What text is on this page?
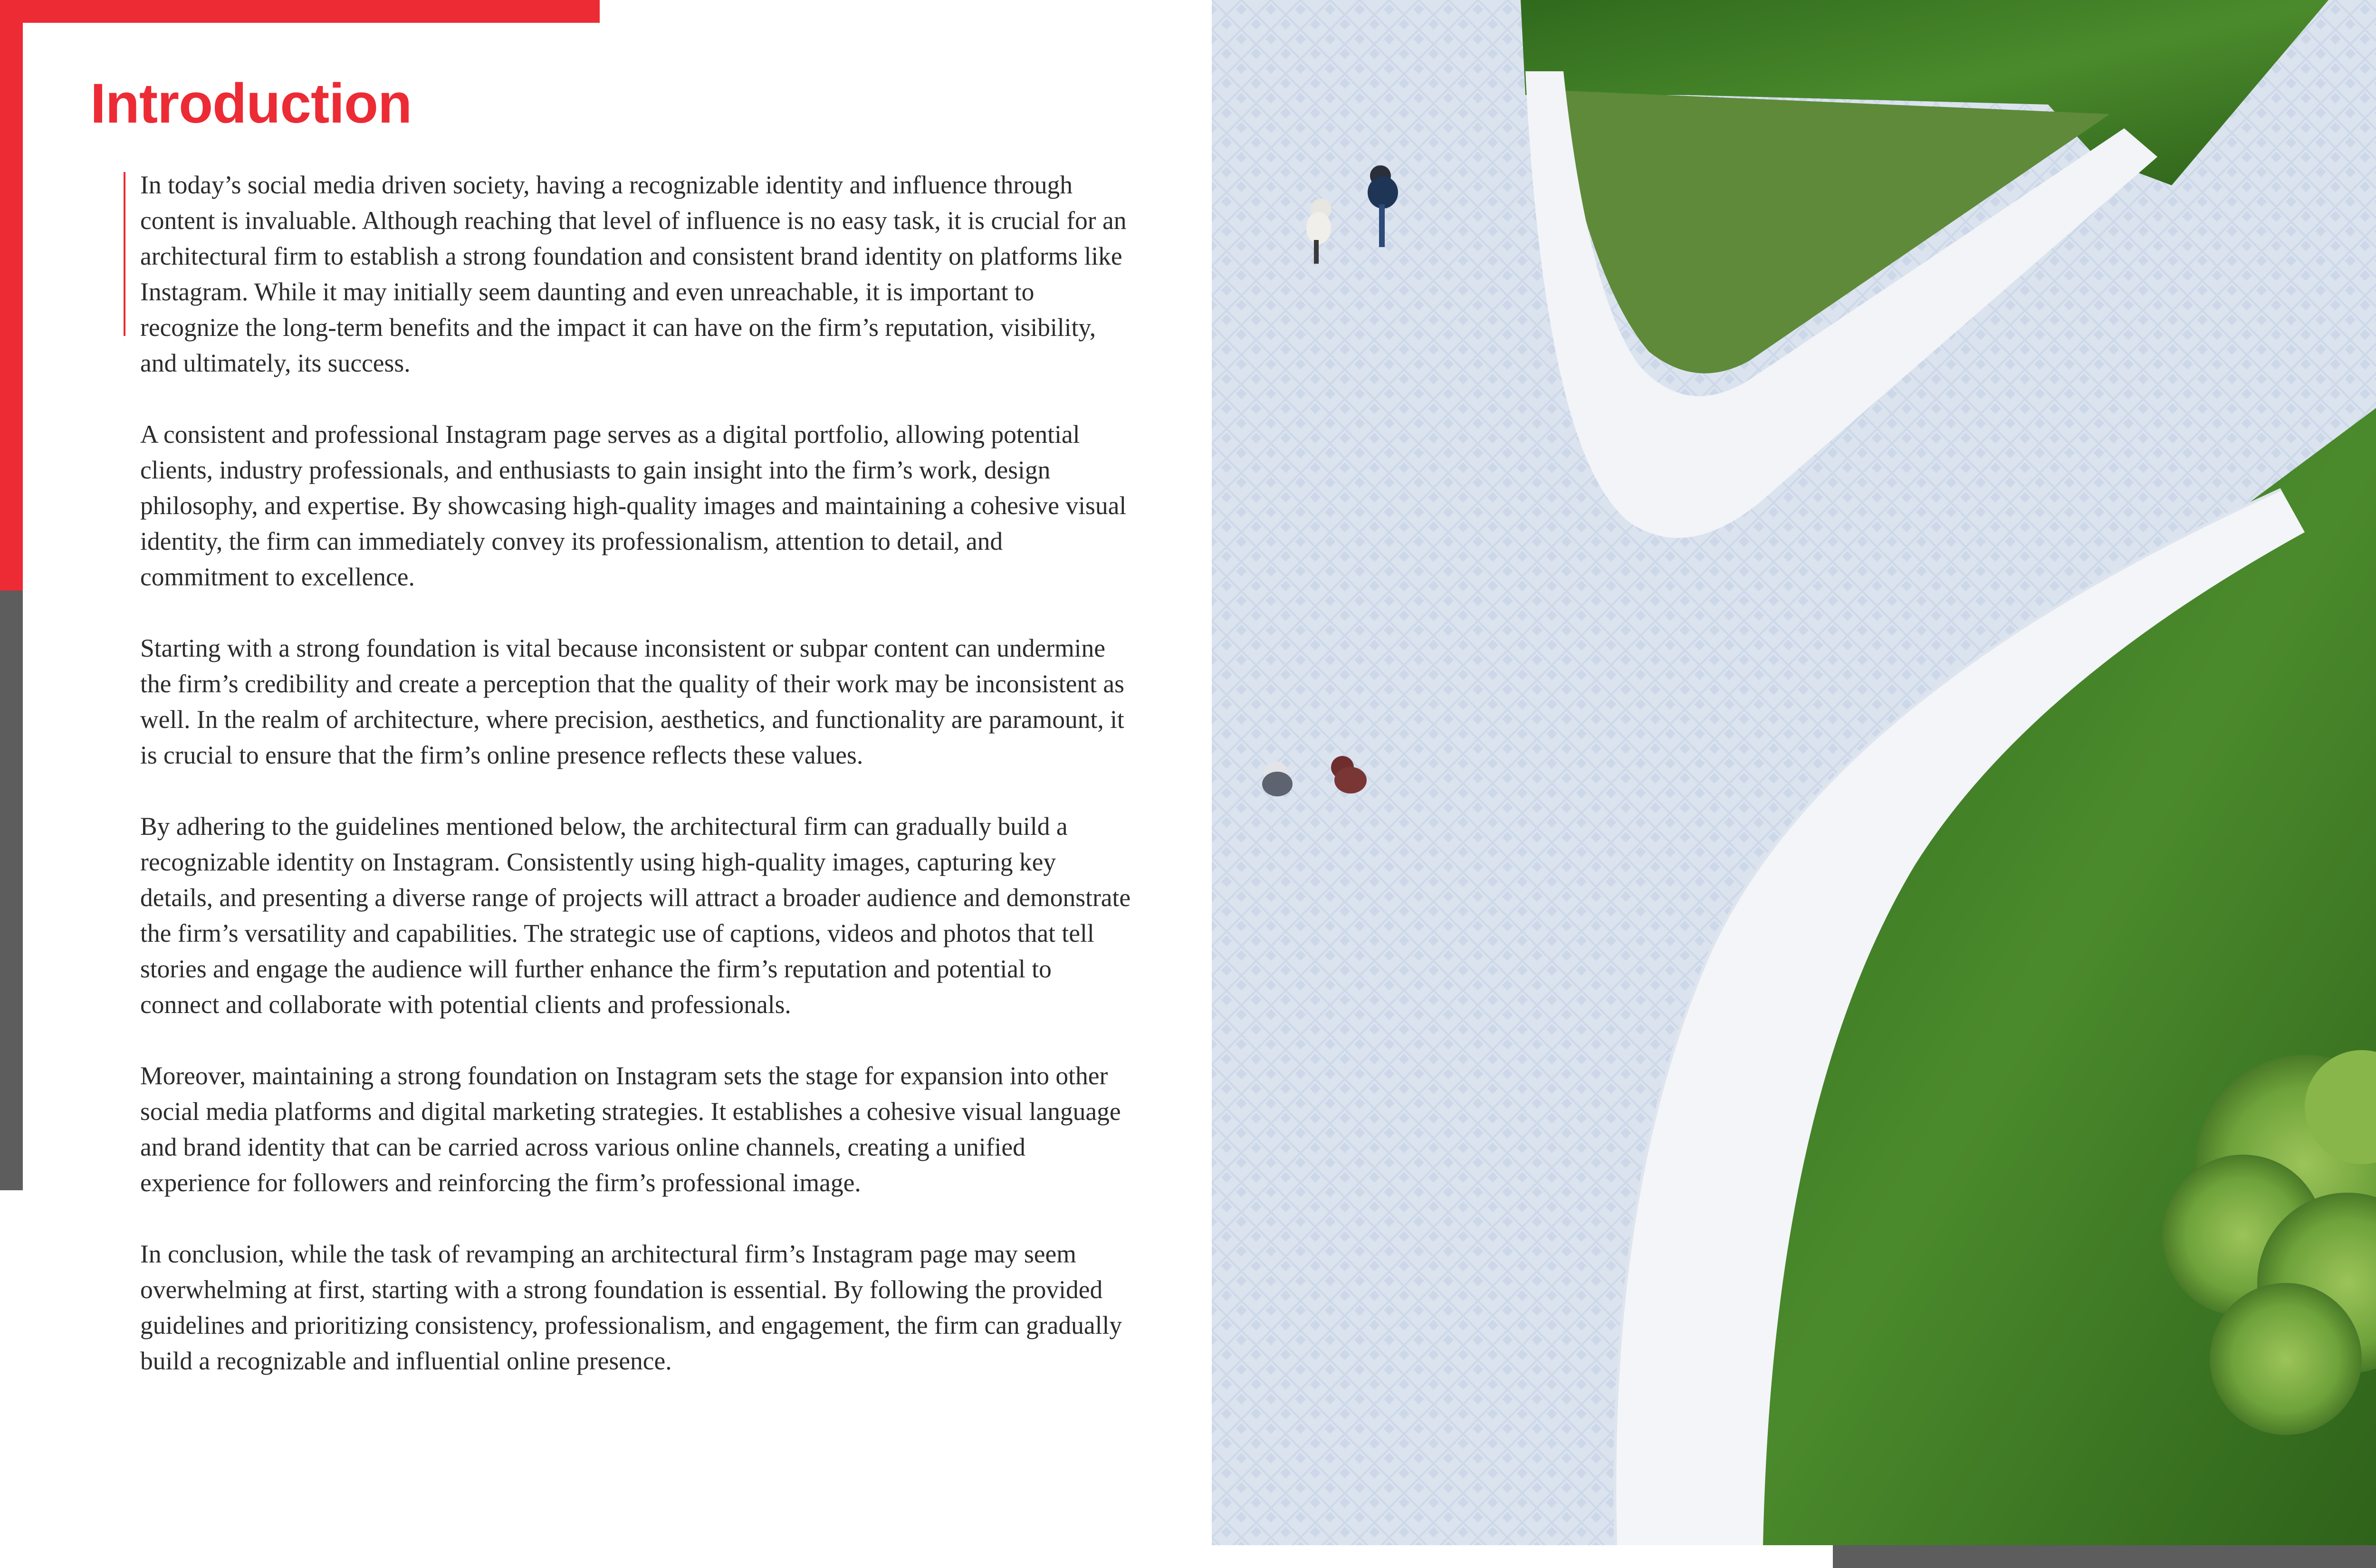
Introduction

In today’s social media driven society, having a recognizable identity and influence through content is invaluable. Although reaching that level of influence is no easy task, it is crucial for an architectural firm to establish a strong foundation and consistent brand identity on platforms like Instagram. While it may initially seem daunting and even unreachable, it is important to recognize the long-term benefits and the impact it can have on the firm’s reputation, visibility, and ultimately, its success.

A consistent and professional Instagram page serves as a digital portfolio, allowing potential clients, industry professionals, and enthusiasts to gain insight into the firm’s work, design philosophy, and expertise. By showcasing high-quality images and maintaining a cohesive visual identity, the firm can immediately convey its professionalism, attention to detail, and commitment to excellence.

Starting with a strong foundation is vital because inconsistent or subpar content can undermine the firm’s credibility and create a perception that the quality of their work may be inconsistent as well. In the realm of architecture, where precision, aesthetics, and functionality are paramount, it is crucial to ensure that the firm’s online presence reflects these values.

By adhering to the guidelines mentioned below, the architectural firm can gradually build a recognizable identity on Instagram. Consistently using high-quality images, capturing key details, and presenting a diverse range of projects will attract a broader audience and demonstrate the firm’s versatility and capabilities. The strategic use of captions, videos and photos that tell stories and engage the audience will further enhance the firm’s reputation and potential to connect and collaborate with potential clients and professionals.

Moreover, maintaining a strong foundation on Instagram sets the stage for expansion into other social media platforms and digital marketing strategies. It establishes a cohesive visual language and brand identity that can be carried across various online channels, creating a unified experience for followers and reinforcing the firm’s professional image.

In conclusion, while the task of revamping an architectural firm’s Instagram page may seem overwhelming at first, starting with a strong foundation is essential. By following the provided guidelines and prioritizing consistency, professionalism, and engagement, the firm can gradually build a recognizable and influential online presence.
